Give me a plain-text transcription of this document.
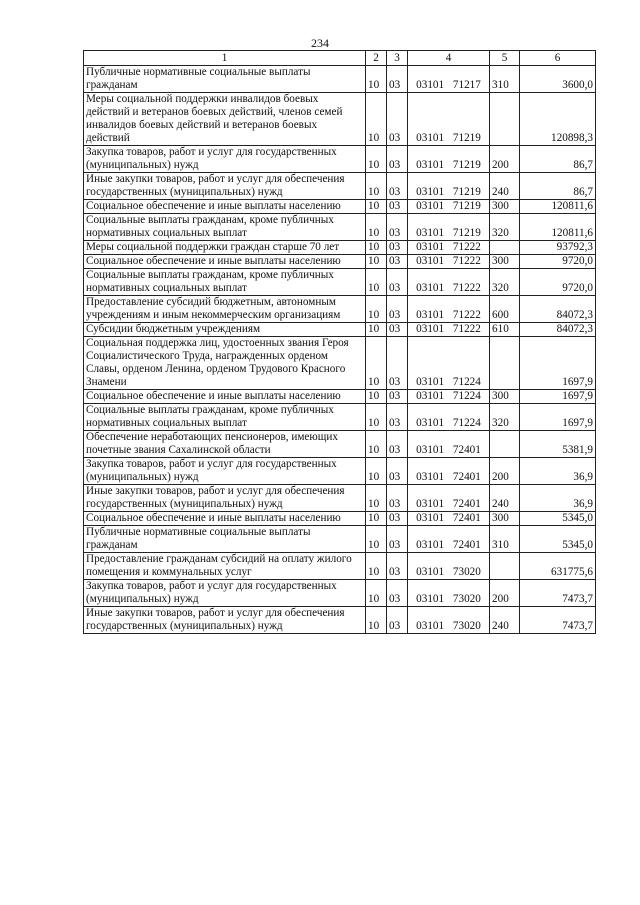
234
1	2	3	4	5	6
Публичные нормативные социальные выплаты гражданам	10	03	03101 71217	310	3600,0
Меры социальной поддержки инвалидов боевых действий и ветеранов боевых действий, членов семей инвалидов боевых действий и ветеранов боевых действий	10	03	03101 71219		120898,3
Закупка товаров, работ и услуг для государственных (муниципальных) нужд	10	03	03101 71219	200	86,7
Иные закупки товаров, работ и услуг для обеспечения государственных (муниципальных) нужд	10	03	03101 71219	240	86,7
Социальное обеспечение и иные выплаты населению	10	03	03101 71219	300	120811,6
Социальные выплаты гражданам, кроме публичных нормативных социальных выплат	10	03	03101 71219	320	120811,6
Меры социальной поддержки граждан старше 70 лет	10	03	03101 71222		93792,3
Социальное обеспечение и иные выплаты населению	10	03	03101 71222	300	9720,0
Социальные выплаты гражданам, кроме публичных нормативных социальных выплат	10	03	03101 71222	320	9720,0
Предоставление субсидий бюджетным, автономным учреждениям и иным некоммерческим организациям	10	03	03101 71222	600	84072,3
Субсидии бюджетным учреждениям	10	03	03101 71222	610	84072,3
Социальная поддержка лиц, удостоенных звания Героя Социалистического Труда, награжденных орденом Славы, орденом Ленина, орденом Трудового Красного Знамени	10	03	03101 71224		1697,9
Социальное обеспечение и иные выплаты населению	10	03	03101 71224	300	1697,9
Социальные выплаты гражданам, кроме публичных нормативных социальных выплат	10	03	03101 71224	320	1697,9
Обеспечение неработающих пенсионеров, имеющих почетные звания Сахалинской области	10	03	03101 72401		5381,9
Закупка товаров, работ и услуг для государственных (муниципальных) нужд	10	03	03101 72401	200	36,9
Иные закупки товаров, работ и услуг для обеспечения государственных (муниципальных) нужд	10	03	03101 72401	240	36,9
Социальное обеспечение и иные выплаты населению	10	03	03101 72401	300	5345,0
Публичные нормативные социальные выплаты гражданам	10	03	03101 72401	310	5345,0
Предоставление гражданам субсидий на оплату жилого помещения и коммунальных услуг	10	03	03101 73020		631775,6
Закупка товаров, работ и услуг для государственных (муниципальных) нужд	10	03	03101 73020	200	7473,7
Иные закупки товаров, работ и услуг для обеспечения государственных (муниципальных) нужд	10	03	03101 73020	240	7473,7
